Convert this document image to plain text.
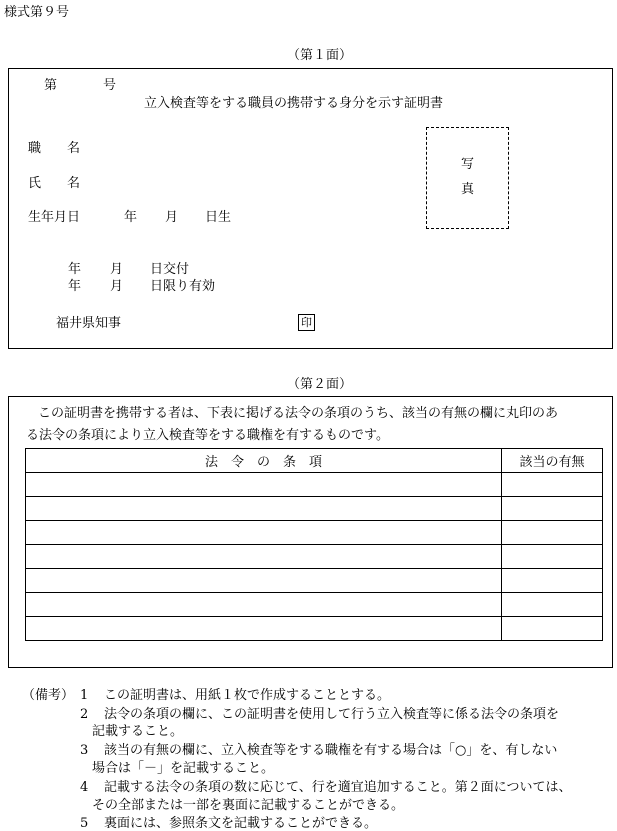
様式第９号
（第１面）
第	号
立入検査等をする職員の携帯する身分を示す証明書
職　　名
氏　　名
生年月日	年 月 日生
写
真
年 月 日交付
年 月 日限り有効
福井県知事	印
（第２面）
この証明書を携帯する者は、下表に掲げる法令の条項のうち、該当の有無の欄に丸印のあ
る法令の条項により立入検査等をする職権を有するものです。
法　令　の　条　項	該当の有無

（備考） 1 この証明書は、用紙１枚で作成することとする。
2 法令の条項の欄に、この証明書を使用して行う立入検査等に係る法令の条項を
記載すること。
3 該当の有無の欄に、立入検査等をする職権を有する場合は「○」を、有しない
場合は「－」を記載すること。
4 記載する法令の条項の数に応じて、行を適宜追加すること。第２面については、
その全部または一部を裏面に記載することができる。
5 裏面には、参照条文を記載することができる。
